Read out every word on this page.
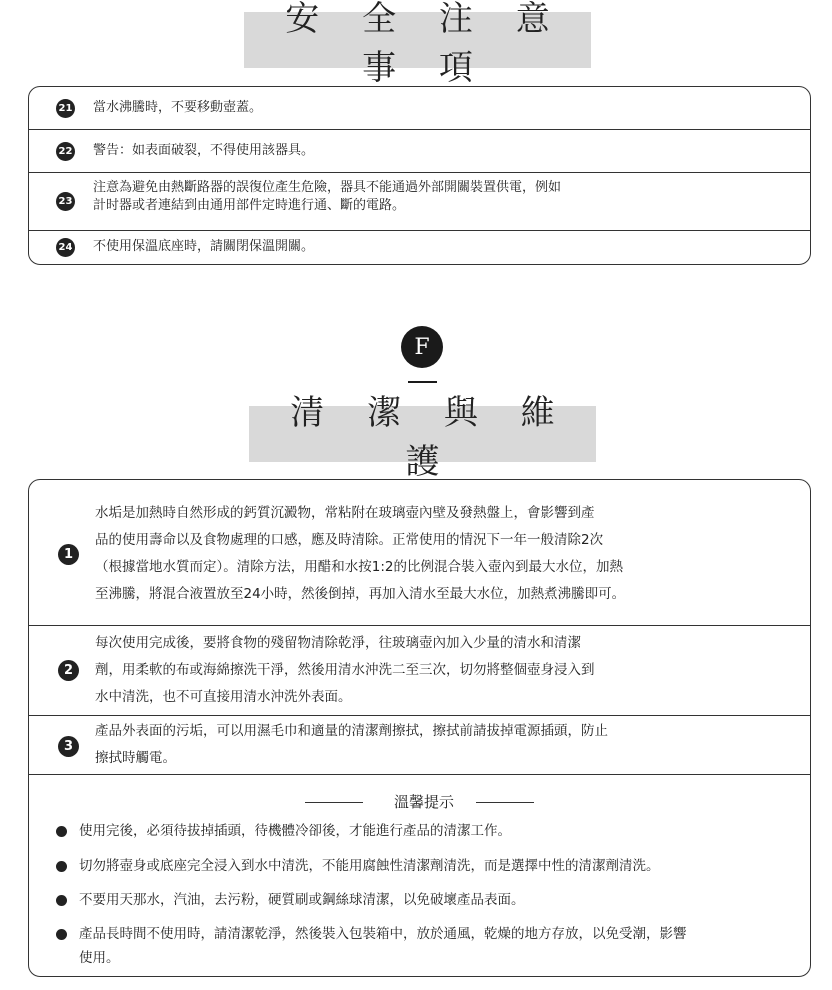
安 全 注 意 事 項
21 當水沸騰時，不要移動壺蓋。
22 警告：如表面破裂，不得使用該器具。
23
注意為避免由熱斷路器的誤復位產生危險，器具不能通過外部開關裝置供電，例如
計时器或者連結到由通用部件定時進行通、斷的電路。
24 不使用保溫底座時，請關閉保溫開關。
F
清 潔 與 維 護
1
水垢是加熱時自然形成的鈣質沉澱物，常粘附在玻璃壺內壁及發熱盤上，會影響到產
品的使用壽命以及食物處理的口感，應及時清除。正常使用的情況下一年一般清除2次
（根據當地水質而定）。清除方法，用醋和水按1:2的比例混合裝入壺內到最大水位，加熱
至沸騰，將混合液置放至24小時，然後倒掉，再加入清水至最大水位，加熱煮沸騰即可。
2
每次使用完成後，要將食物的殘留物清除乾淨，往玻璃壺內加入少量的清水和清潔
劑，用柔軟的布或海綿擦洗干淨，然後用清水沖洗二至三次，切勿將整個壺身浸入到
水中清洗，也不可直接用清水沖洗外表面。
3
產品外表面的污垢，可以用濕毛巾和適量的清潔劑擦拭，擦拭前請拔掉電源插頭，防止
擦拭時觸電。
溫馨提示
使用完後，必須待拔掉插頭，待機體冷卻後，才能進行產品的清潔工作。
切勿將壺身或底座完全浸入到水中清洗，不能用腐蝕性清潔劑清洗，而是選擇中性的清潔劑清洗。
不要用天那水，汽油，去污粉，硬質刷或鋼絲球清潔，以免破壞產品表面。
產品長時間不使用時，請清潔乾淨，然後裝入包裝箱中，放於通風，乾燥的地方存放，以免受潮，影響
使用。
